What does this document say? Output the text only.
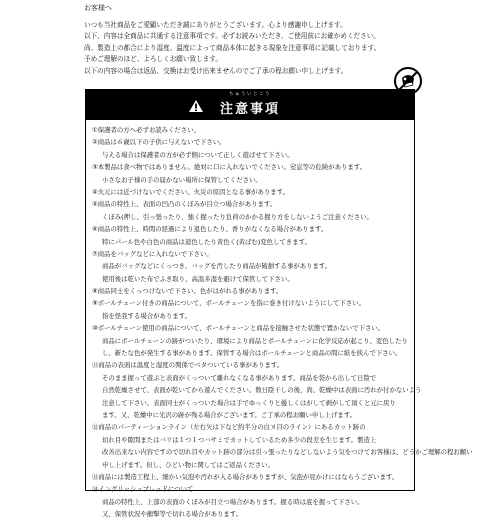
お客様へ
いつも当社商品をご愛顧いただき誠にありがとうございます。心より感謝申し上げます。
以下、内容は全商品に共通する注意事項です。必ずお読みいただき、ご使用前にお確かめください。
尚、製造上の都合により湿度、温度によって商品本体に起きる現象を注意事項に記載しております。
予めご理解のほど、よろしくお願い致します。
以下の内容の場合は返品、交換はお受け出来ませんのでご了承の程お願い申し上げます。
ちゅういじこう
注意事項
①保護者の方へ必ずお読みください。
②商品は６歳以下の子供に与えないで下さい。
与える場合は保護者の方が必ず側について正しく遊ばせて下さい。
③本製品は食べ物ではありません。絶対に口に入れないでください。窒息等の危険があります。
小さなお子様の手の届かない場所に保管してください。
④火元には近づけないでください。火災の原因となる事があります。
⑤商品の特性上、表面の凹凸のくぼみが目立つ場合があります。
くぼみ(押し、引っ張ったり、強く握ったり負荷のかかる握り方をしないようご注意ください。
⑥商品の特性上、時間の経過により退色したり、香りがなくなる場合があります。
特にパール色や白色の商品は退色したり黄色く(黄ばむ)変色してきます。
⑦商品をバッグなどに入れないで下さい。
商品がバッグなどにくっつき、バッグを汚したり商品が破損する事があります。
使用後は乾いた布でふき取り、高温多湿を避けて保管して下さい。
⑧商品同士をくっつけないで下さい。色がはがれる事があります。
⑨ボールチェーン付きの商品について、ボールチェーンを指に巻き付けないようにして下さい。
指を怪我する場合があります。
⑩ボールチェーン使用の商品について、ボールチェーンと商品を接触させた状態で置かないで下さい。
商品にボールチェーンの跡がついたり、環境により商品とボールチェーンに化学反応が起こり、変色したり
し、新たな色が発生する事があります。保管する場合はボールチェーンと商品の間に紙を挟んで下さい。
⑪商品の表面は温度と湿度の関係でベタついている事があります。
そのまま握って遊ぶと表面がくっついて離れなくなる事があります。商品を袋から出して日陰で
自然乾燥させて、表面が乾いてから遊んでください。数日陰干しの後、尚、乾燥中は表面に汚れが付かないよう
注意して下さい。表面同士がくっついた場合は手でゆっくりと優しくはがして剥がして頂くと元に戻り
ます。又、乾燥中に光沢の跡が残る場合がございます。ご了承の程お願い申し上げます。
⑫商品のパーティーションライン（左右矢は下など約半分の白ヌ目のライン）にあるカット跡の
切れ目や隙間またはバリは１つ１つハサミでカットしているため多少の段差を生じます。製造上
改善出来ない内容ですので切れ目やカット跡の部分は引っ張ったりなどしないよう気をつけてお客様は、どうかご理解の程お願い
申し上げます。但し、ひどい物に関してはご返品ください。
⑬商品には製造工程上、細かい気泡や汚れが入る場合がありますが、気泡が見かけにはならうございます。
⑭イングリッシュブレッドについて
商品の特性上、上部の表面のくぼみが目立つ場合があります。握る時は底を握って下さい。
又、保管状況や衝撃等で切れる場合があります。
